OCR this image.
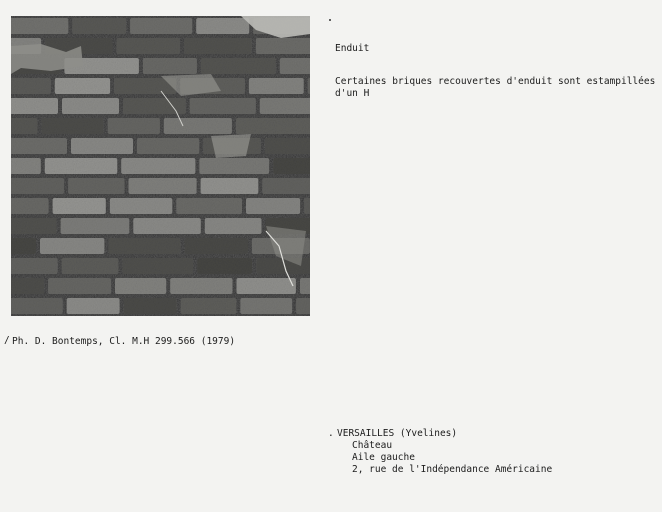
Enduit
Certaines briques recouvertes d'enduit sont estampillées
d'un H
/ Ph. D. Bontemps, Cl. M.H 299.566 (1979)
. VERSAILLES (Yvelines)
Château
Aile gauche
2, rue de l'Indépendance Américaine
